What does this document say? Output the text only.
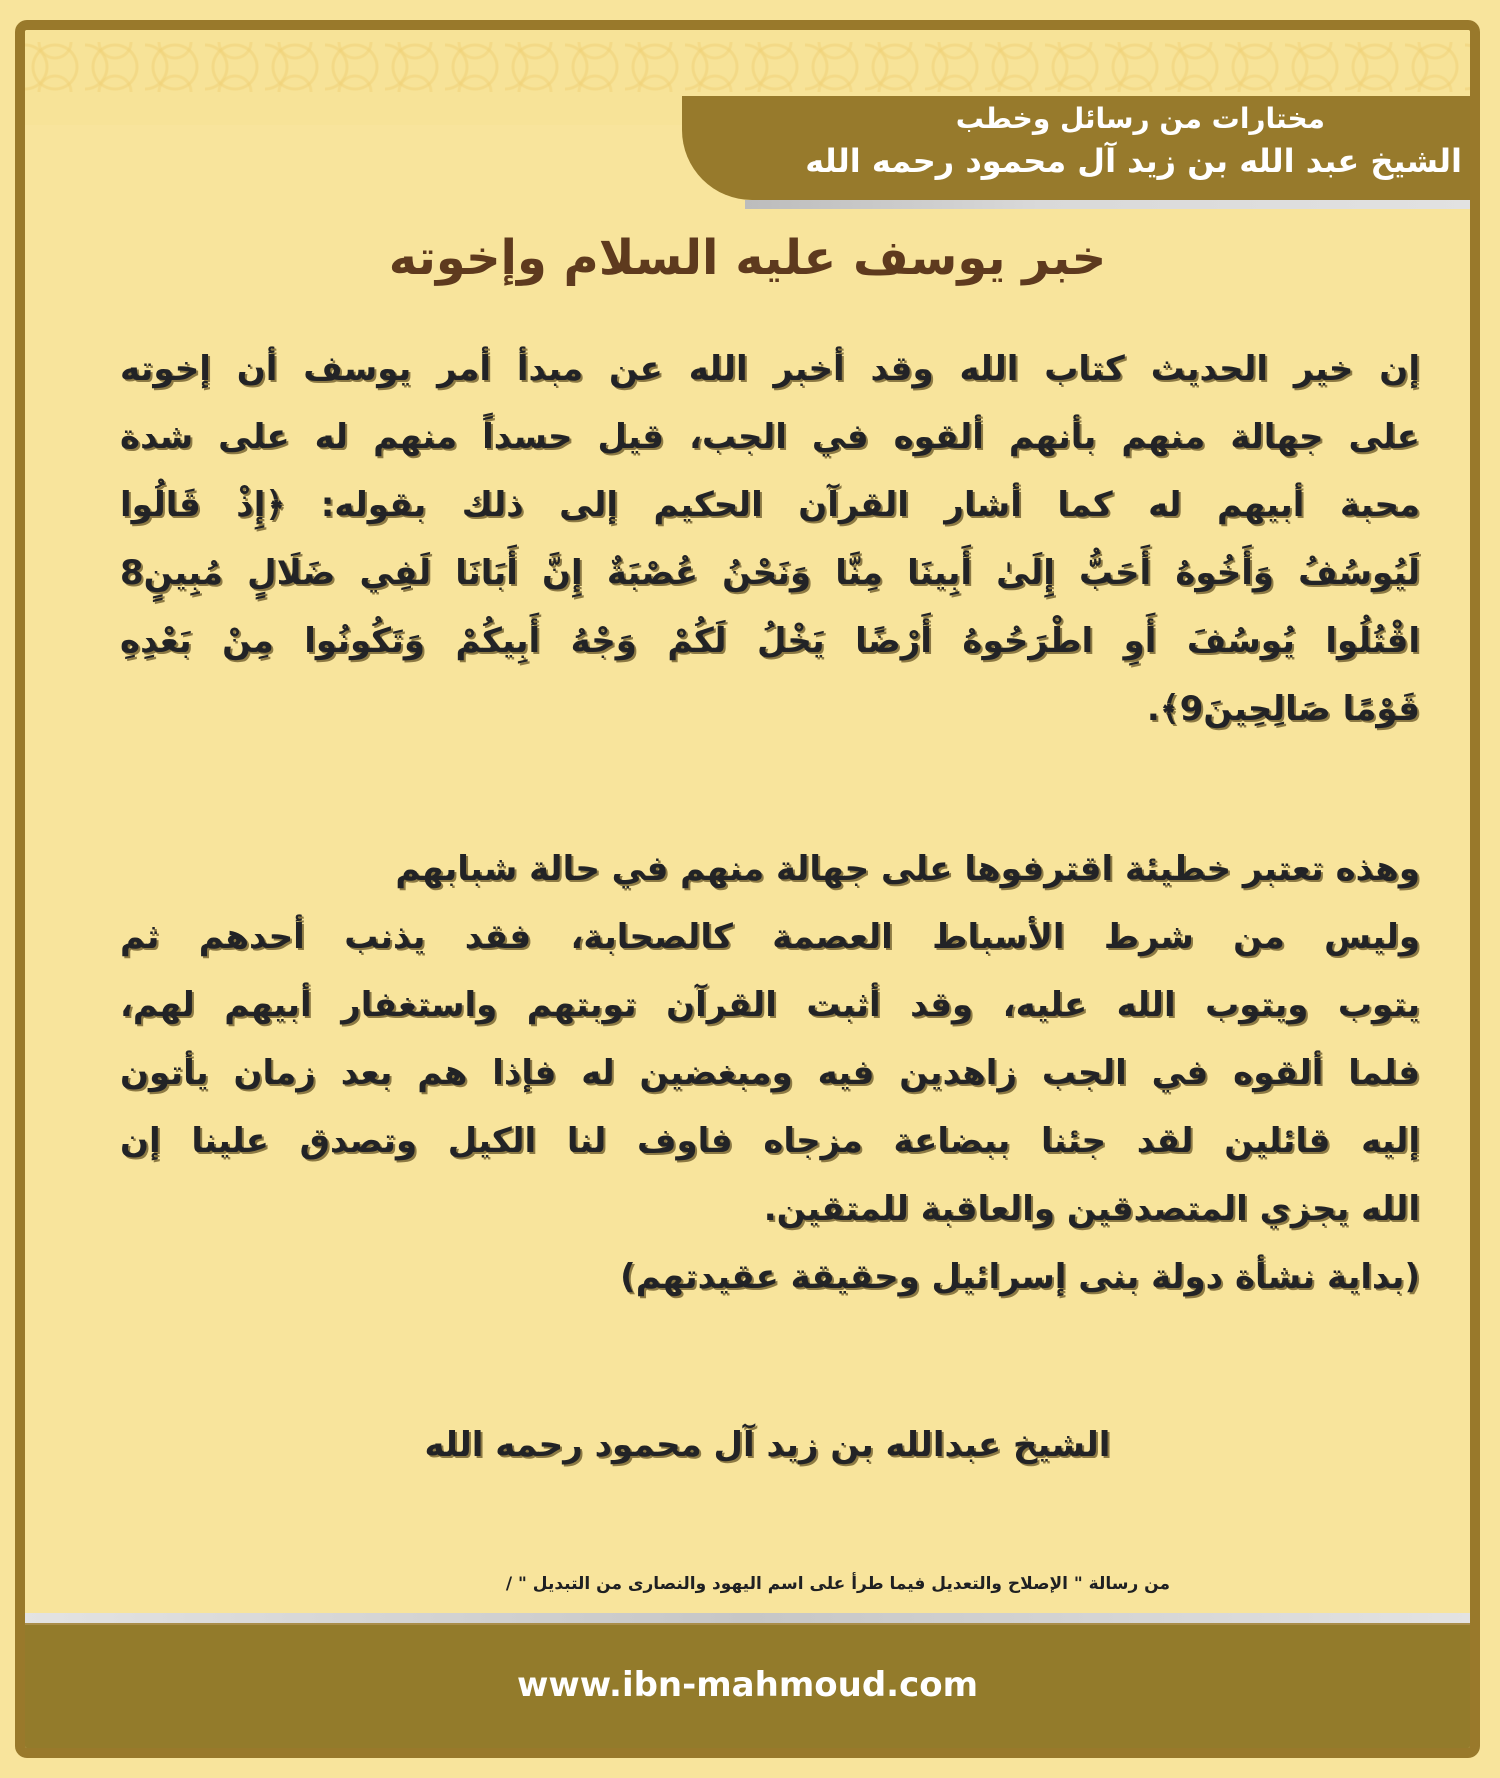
مختارات من رسائل وخطب
الشيخ عبد الله بن زيد آل محمود رحمه الله
خبر يوسف عليه السلام وإخوته
إن خير الحديث كتاب الله وقد أخبر الله عن مبدأ أمر يوسف أن إخوته
على جهالة منهم بأنهم ألقوه في الجب، قيل حسداً منهم له على شدة
محبة أبيهم له كما أشار القرآن الحكيم إلى ذلك بقوله: ﴿إِذْ قَالُوا
لَيُوسُفُ وَأَخُوهُ أَحَبُّ إِلَىٰ أَبِينَا مِنَّا وَنَحْنُ عُصْبَةٌ إِنَّ أَبَانَا لَفِي ضَلَالٍ مُبِينٍ8
اقْتُلُوا يُوسُفَ أَوِ اطْرَحُوهُ أَرْضًا يَخْلُ لَكُمْ وَجْهُ أَبِيكُمْ وَتَكُونُوا مِنْ بَعْدِهِ
قَوْمًا صَالِحِينَ9﴾.
وهذه تعتبر خطيئة اقترفوها على جهالة منهم في حالة شبابهم
وليس من شرط الأسباط العصمة كالصحابة، فقد يذنب أحدهم ثم
يتوب ويتوب الله عليه، وقد أثبت القرآن توبتهم واستغفار أبيهم لهم،
فلما ألقوه في الجب زاهدين فيه ومبغضين له فإذا هم بعد زمان يأتون
إليه قائلين لقد جئنا ببضاعة مزجاه فاوف لنا الكيل وتصدق علينا إن
الله يجزي المتصدقين والعاقبة للمتقين.
(بداية نشأة دولة بنى إسرائيل وحقيقة عقيدتهم)
الشيخ عبدالله بن زيد آل محمود رحمه الله
من رسالة " الإصلاح والتعديل فيما طرأ على اسم اليهود والنصارى من التبديل " /
www.ibn-mahmoud.com
